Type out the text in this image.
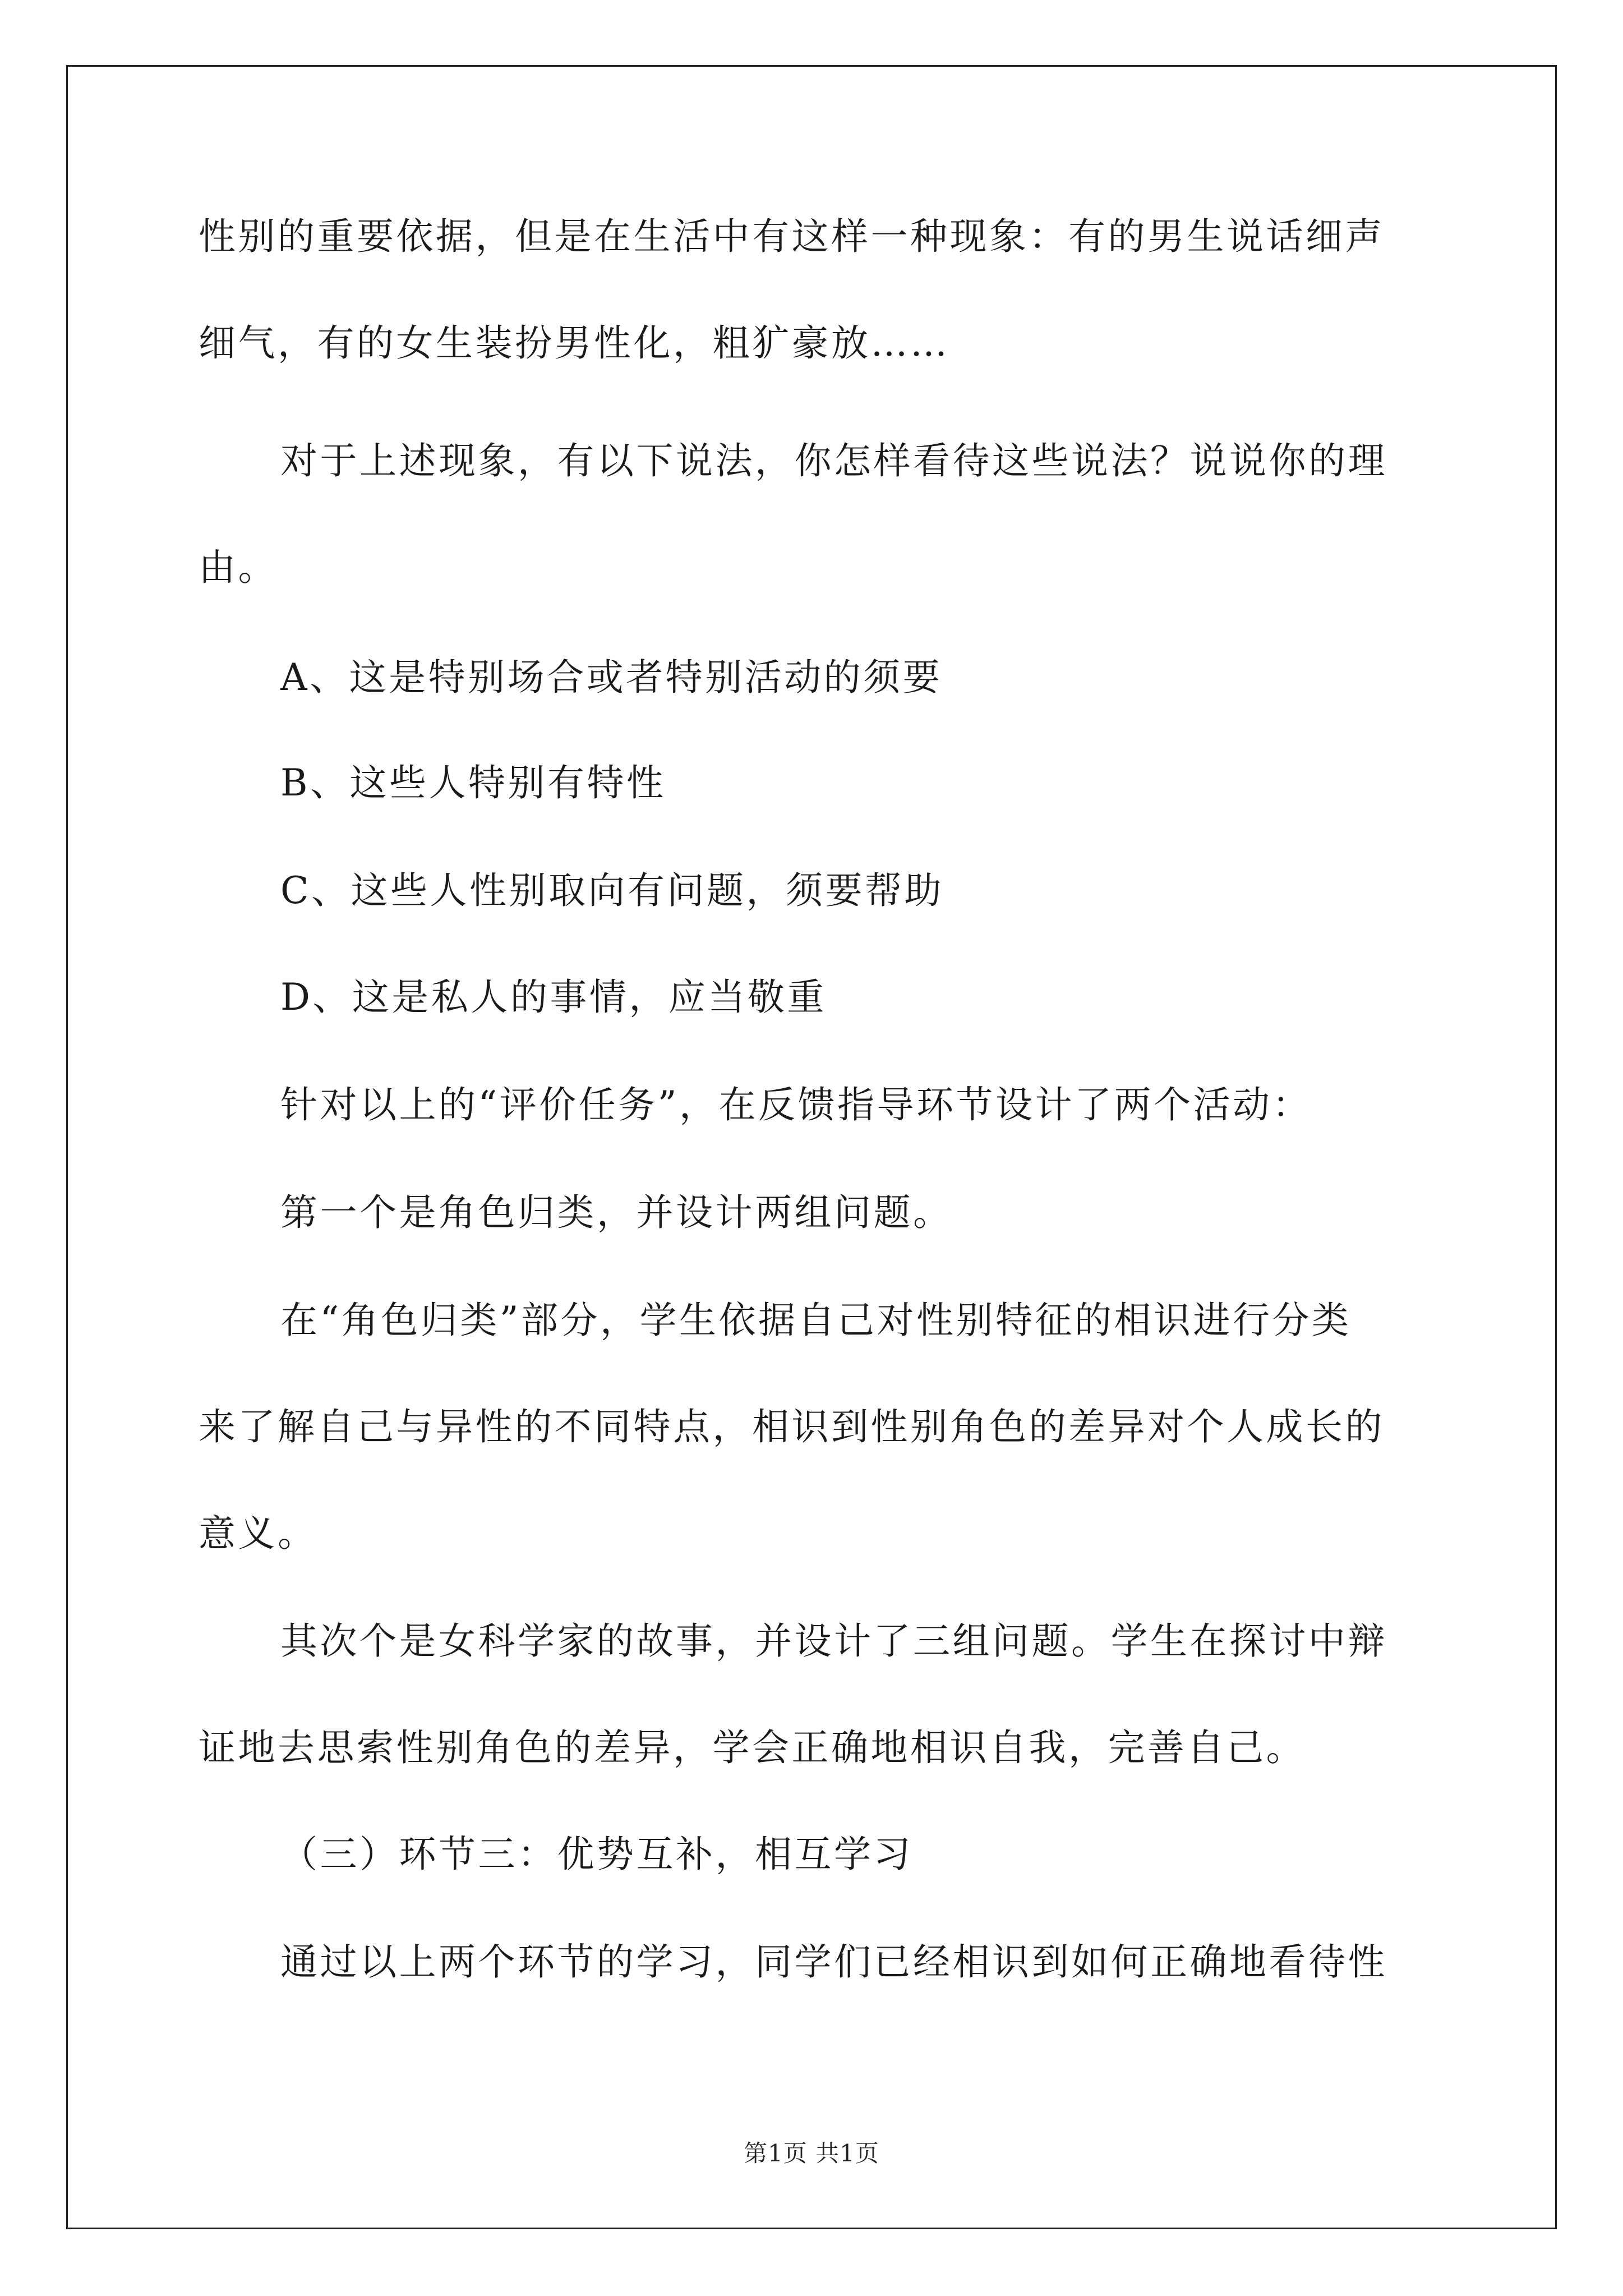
性别的重要依据，但是在生活中有这样一种现象：有的男生说话细声
细气，有的女生装扮男性化，粗犷豪放……
对于上述现象，有以下说法，你怎样看待这些说法？说说你的理
由。
A、这是特别场合或者特别活动的须要
B、这些人特别有特性
C、这些人性别取向有问题，须要帮助
D、这是私人的事情，应当敬重
针对以上的“评价任务”，在反馈指导环节设计了两个活动：
第一个是角色归类，并设计两组问题。
在“角色归类”部分，学生依据自己对性别特征的相识进行分类
来了解自己与异性的不同特点，相识到性别角色的差异对个人成长的
意义。
其次个是女科学家的故事，并设计了三组问题。学生在探讨中辩
证地去思索性别角色的差异，学会正确地相识自我，完善自己。
（三）环节三：优势互补，相互学习
通过以上两个环节的学习，同学们已经相识到如何正确地看待性
第1页 共1页
